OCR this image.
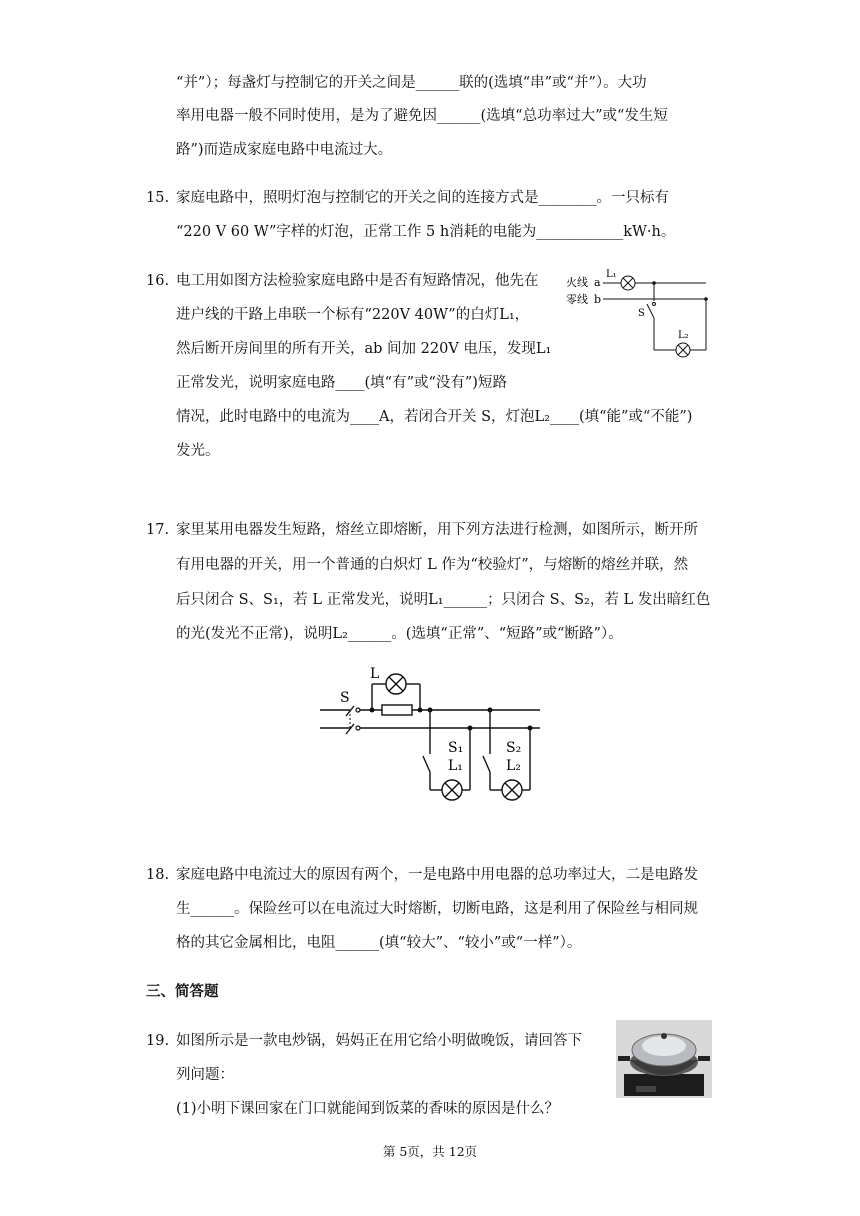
“并”）；每盏灯与控制它的开关之间是______联的(选填“串”或“并”）。大功
率用电器一般不同时使用，是为了避免因______(选填“总功率过大”或“发生短
路”)而造成家庭电路中电流过大。
15. 家庭电路中，照明灯泡与控制它的开关之间的连接方式是________。一只标有
“220 V 60 W”字样的灯泡，正常工作 5 h消耗的电能为____________kW·h。
16. 电工用如图方法检验家庭电路中是否有短路情况，他先在
进户线的干路上串联一个标有“220V 40W”的白灯L₁，
然后断开房间里的所有开关，ab 间加 220V 电压，发现L₁
正常发光，说明家庭电路____(填“有”或“没有”)短路
情况，此时电路中的电流为____A，若闭合开关 S，灯泡L₂____(填“能”或“不能”)
发光。
火线 a
零线 b
L₁
S
L₂
17. 家里某用电器发生短路，熔丝立即熔断，用下列方法进行检测，如图所示，断开所
有用电器的开关，用一个普通的白炽灯 L 作为“校验灯”，与熔断的熔丝并联，然
后只闭合 S、S₁，若 L 正常发光，说明L₁______；只闭合 S、S₂，若 L 发出暗红色
的光(发光不正常)，说明L₂______。(选填“正常”、“短路”或“断路”）。
S
L
S₁
L₁
S₂
L₂
18. 家庭电路中电流过大的原因有两个，一是电路中用电器的总功率过大，二是电路发
生______。保险丝可以在电流过大时熔断，切断电路，这是利用了保险丝与相同规
格的其它金属相比，电阻______(填“较大”、“较小”或“一样”）。
三、简答题
19. 如图所示是一款电炒锅，妈妈正在用它给小明做晚饭，请回答下
列问题：
(1)小明下课回家在门口就能闻到饭菜的香味的原因是什么？
第 5页，共 12页
